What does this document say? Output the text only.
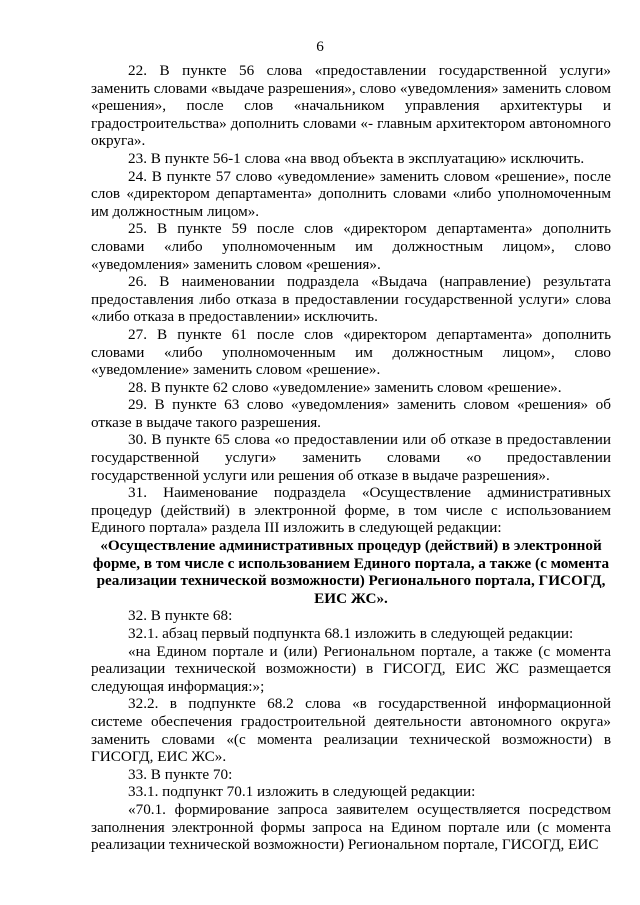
6

22. В пункте 56 слова «предоставлении государственной услуги» заменить словами «выдаче разрешения», слово «уведомления» заменить словом «решения», после слов «начальником управления архитектуры и градостроительства» дополнить словами «- главным архитектором автономного округа».

23. В пункте 56-1 слова «на ввод объекта в эксплуатацию» исключить.

24. В пункте 57 слово «уведомление» заменить словом «решение», после слов «директором департамента» дополнить словами «либо уполномоченным им должностным лицом».

25. В пункте 59 после слов «директором департамента» дополнить словами «либо уполномоченным им должностным лицом», слово «уведомления» заменить словом «решения».

26. В наименовании подраздела «Выдача (направление) результата предоставления либо отказа в предоставлении государственной услуги» слова «либо отказа в предоставлении» исключить.

27. В пункте 61 после слов «директором департамента» дополнить словами «либо уполномоченным им должностным лицом», слово «уведомление» заменить словом «решение».

28. В пункте 62 слово «уведомление» заменить словом «решение».

29. В пункте 63 слово «уведомления» заменить словом «решения» об отказе в выдаче такого разрешения.

30. В пункте 65 слова «о предоставлении или об отказе в предоставлении государственной услуги» заменить словами «о предоставлении государственной услуги или решения об отказе в выдаче разрешения».

31. Наименование подраздела «Осуществление административных процедур (действий) в электронной форме, в том числе с использованием Единого портала» раздела III изложить в следующей редакции:

«Осуществление административных процедур (действий) в электронной форме, в том числе с использованием Единого портала, а также (с момента реализации технической возможности) Регионального портала, ГИСОГД, ЕИС ЖС».

32. В пункте 68:

32.1. абзац первый подпункта 68.1 изложить в следующей редакции:

«на Едином портале и (или) Региональном портале, а также (с момента реализации технической возможности) в ГИСОГД, ЕИС ЖС размещается следующая информация:»;

32.2. в подпункте 68.2 слова «в государственной информационной системе обеспечения градостроительной деятельности автономного округа» заменить словами «(с момента реализации технической возможности) в ГИСОГД, ЕИС ЖС».

33. В пункте 70:

33.1. подпункт 70.1 изложить в следующей редакции:

«70.1. формирование запроса заявителем осуществляется посредством заполнения электронной формы запроса на Едином портале или (с момента реализации технической возможности) Региональном портале, ГИСОГД, ЕИС
